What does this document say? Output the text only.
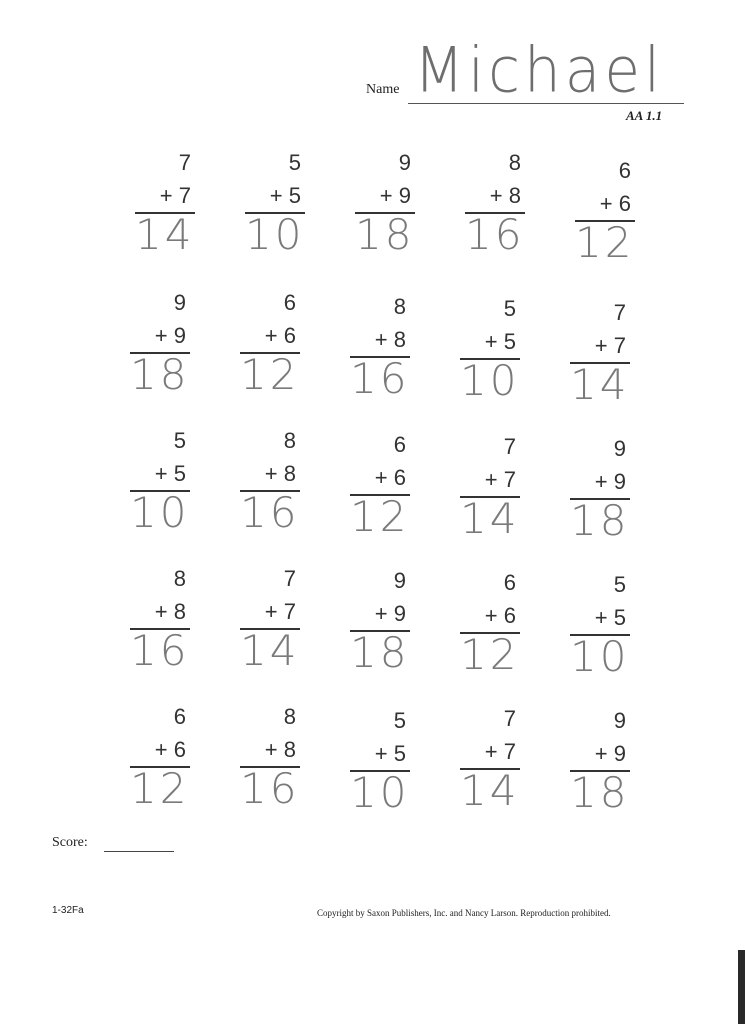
Name Michael
AA 1.1
7
+ 7
14
5
+ 5
10
9
+ 9
18
8
+ 8
16
6
+ 6
12
9
+ 9
18
6
+ 6
12
8
+ 8
16
5
+ 5
10
7
+ 7
14
5
+ 5
10
8
+ 8
16
6
+ 6
12
7
+ 7
14
9
+ 9
18
8
+ 8
16
7
+ 7
14
9
+ 9
18
6
+ 6
12
5
+ 5
10
6
+ 6
12
8
+ 8
16
5
+ 5
10
7
+ 7
14
9
+ 9
18
Score:
1-32Fa	Copyright by Saxon Publishers, Inc. and Nancy Larson. Reproduction prohibited.
